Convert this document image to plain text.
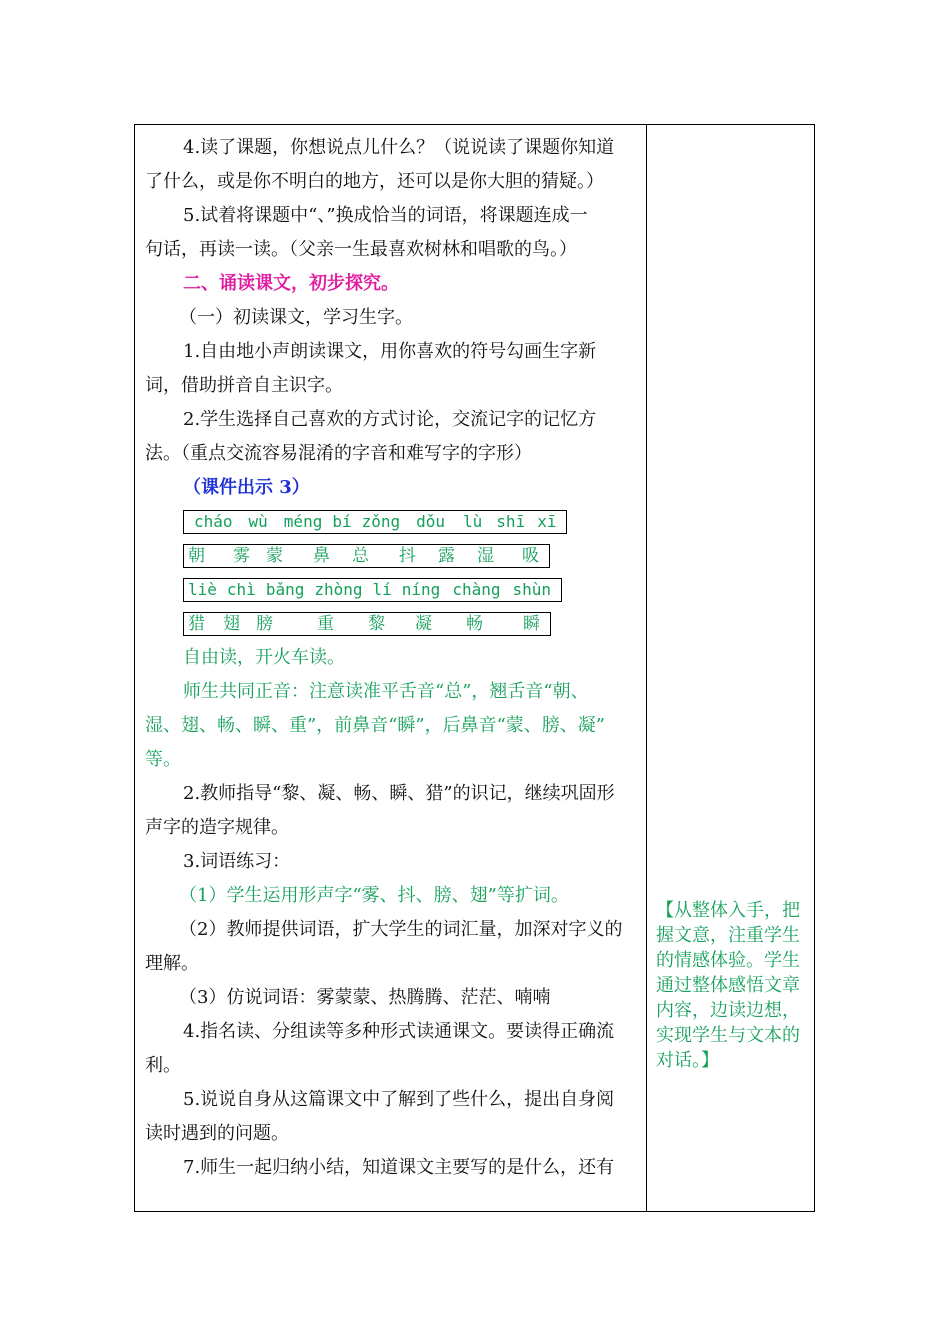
4.读了课题，你想说点儿什么？（说说读了课题你知道
了什么，或是你不明白的地方，还可以是你大胆的猜疑。）
5.试着将课题中“、”换成恰当的词语，将课题连成一
句话，再读一读。（父亲一生最喜欢树林和唱歌的鸟。）
二、诵读课文，初步探究。
（一）初读课文，学习生字。
1.自由地小声朗读课文，用你喜欢的符号勾画生字新
词，借助拼音自主识字。
2.学生选择自己喜欢的方式讨论，交流记字的记忆方
法。（重点交流容易混淆的字音和难写字的字形）
（课件出示 3）
cháo wù méng bí zǒng dǒu lù shī xī
朝 雾 蒙 鼻 总 抖 露 湿 吸
liè chì bǎng zhòng lí níng chàng shùn
猎 翅 膀	重 黎 凝 畅 瞬
自由读，开火车读。
师生共同正音：注意读准平舌音“总”，翘舌音“朝、
湿、翅、畅、瞬、重”，前鼻音“瞬”，后鼻音“蒙、膀、凝”
等。
2.教师指导“黎、凝、畅、瞬、猎”的识记，继续巩固形
声字的造字规律。
3.词语练习：
（1）学生运用形声字“雾、抖、膀、翅”等扩词。
（2）教师提供词语，扩大学生的词汇量，加深对字义的
理解。
（3）仿说词语：雾蒙蒙、热腾腾、茫茫、喃喃
4.指名读、分组读等多种形式读通课文。要读得正确流
利。
5.说说自身从这篇课文中了解到了些什么，提出自身阅
读时遇到的问题。
7.师生一起归纳小结，知道课文主要写的是什么，还有
【从整体入手，把握文意，注重学生的情感体验。学生通过整体感悟文章内容，边读边想，实现学生与文本的对话。】
